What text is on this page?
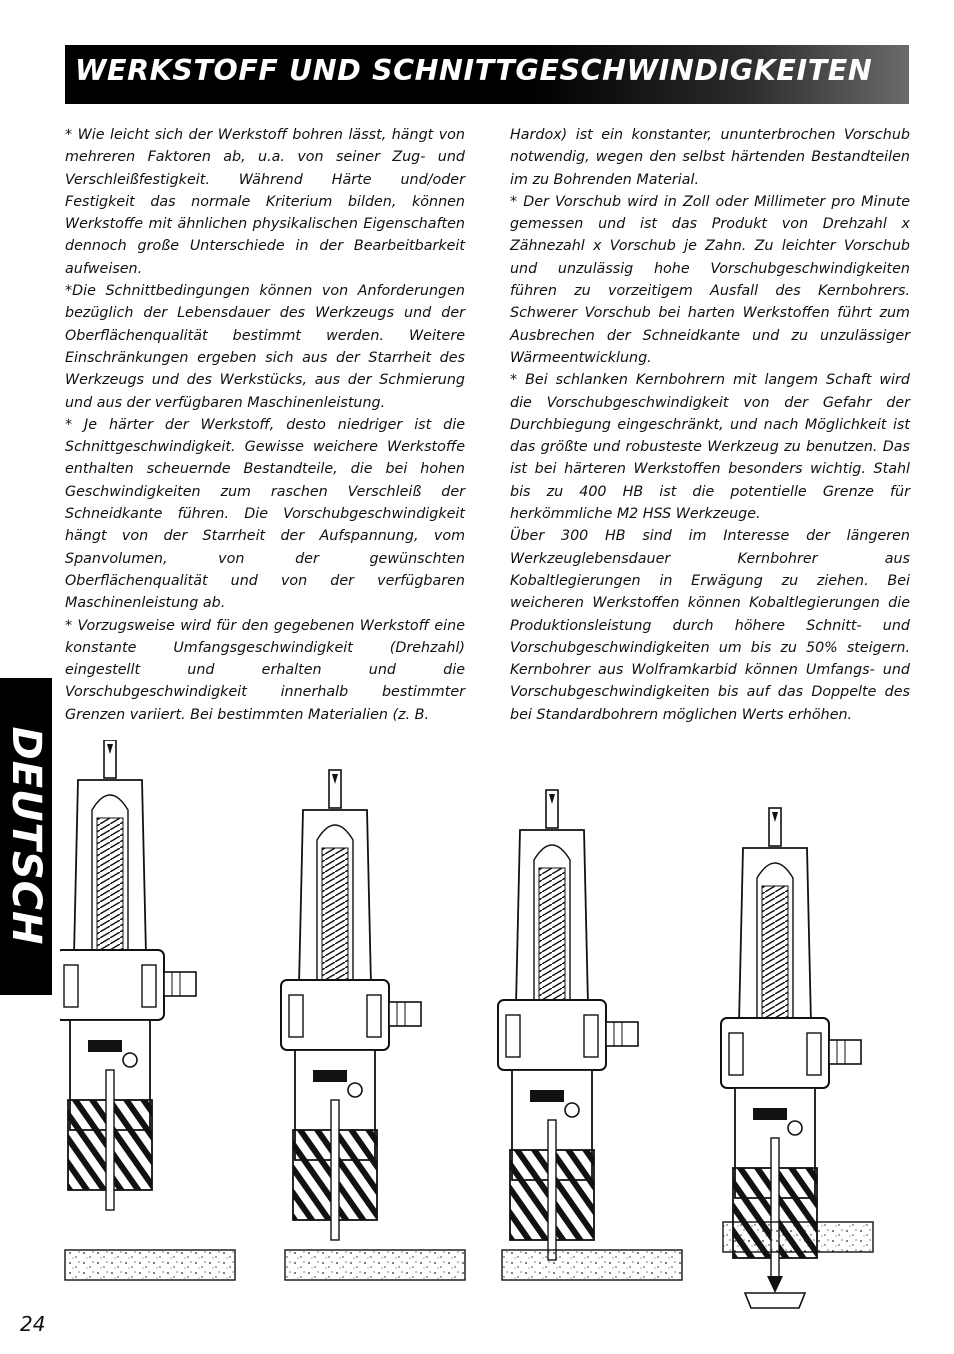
WERKSTOFF UND SCHNITTGESCHWINDIGKEITEN

* Wie leicht sich der Werkstoff bohren lässt, hängt von mehreren Faktoren ab, u.a. von seiner Zug- und Verschleißfestigkeit. Während Härte und/oder Festigkeit das normale Kriterium bilden, können Werkstoffe mit ähnlichen physikalischen Eigenschaften dennoch große Unterschiede in der Bearbeitbarkeit aufweisen.

*Die Schnittbedingungen können von Anforderungen bezüglich der Lebensdauer des Werkzeugs und der Oberflächenqualität bestimmt werden. Weitere Einschränkungen ergeben sich aus der Starrheit des Werkzeugs und des Werkstücks, aus der Schmierung und aus der verfügbaren Maschinenleistung.

* Je härter der Werkstoff, desto niedriger ist die Schnittgeschwindigkeit. Gewisse weichere Werkstoffe enthalten scheuernde Bestandteile, die bei hohen Geschwindigkeiten zum raschen Verschleiß der Schneidkante führen. Die Vorschubgeschwindigkeit hängt von der Starrheit der Aufspannung, vom Spanvolumen, von der gewünschten Oberflächenqualität und von der verfügbaren Maschinenleistung ab.

* Vorzugsweise wird für den gegebenen Werkstoff eine konstante Umfangsgeschwindigkeit (Drehzahl) eingestellt und erhalten und die Vorschubgeschwindigkeit innerhalb bestimmter Grenzen variiert. Bei bestimmten Materialien (z. B.

Hardox) ist ein konstanter, ununterbrochen Vorschub notwendig, wegen den selbst härtenden Bestandteilen im zu Bohrenden Material.

* Der Vorschub wird in Zoll oder Millimeter pro Minute gemessen und ist das Produkt von Drehzahl x Zähnezahl x Vorschub je Zahn. Zu leichter Vorschub und unzulässig hohe Vorschubgeschwindigkeiten führen zu vorzeitigem Ausfall des Kernbohrers. Schwerer Vorschub bei harten Werkstoffen führt zum Ausbrechen der Schneidkante und zu unzulässiger Wärmeentwicklung.

* Bei schlanken Kernbohrern mit langem Schaft wird die Vorschubgeschwindigkeit von der Gefahr der Durchbiegung eingeschränkt, und nach Möglichkeit ist das größte und robusteste Werkzeug zu benutzen. Das ist bei härteren Werkstoffen besonders wichtig. Stahl bis zu 400 HB ist die potentielle Grenze für herkömmliche M2 HSS Werkzeuge.

Über 300 HB sind im Interesse der längeren Werkzeuglebensdauer Kernbohrer aus Kobaltlegierungen in Erwägung zu ziehen. Bei weicheren Werkstoffen können Kobaltlegierungen die Produktionsleistung durch höhere Schnitt- und Vorschubgeschwindigkeiten um bis zu 50% steigern. Kernbohrer aus Wolframkarbid können Umfangs- und Vorschubgeschwindigkeiten bis auf das Doppelte des bei Standardbohrern möglichen Werts erhöhen.

DEUTSCH
24
